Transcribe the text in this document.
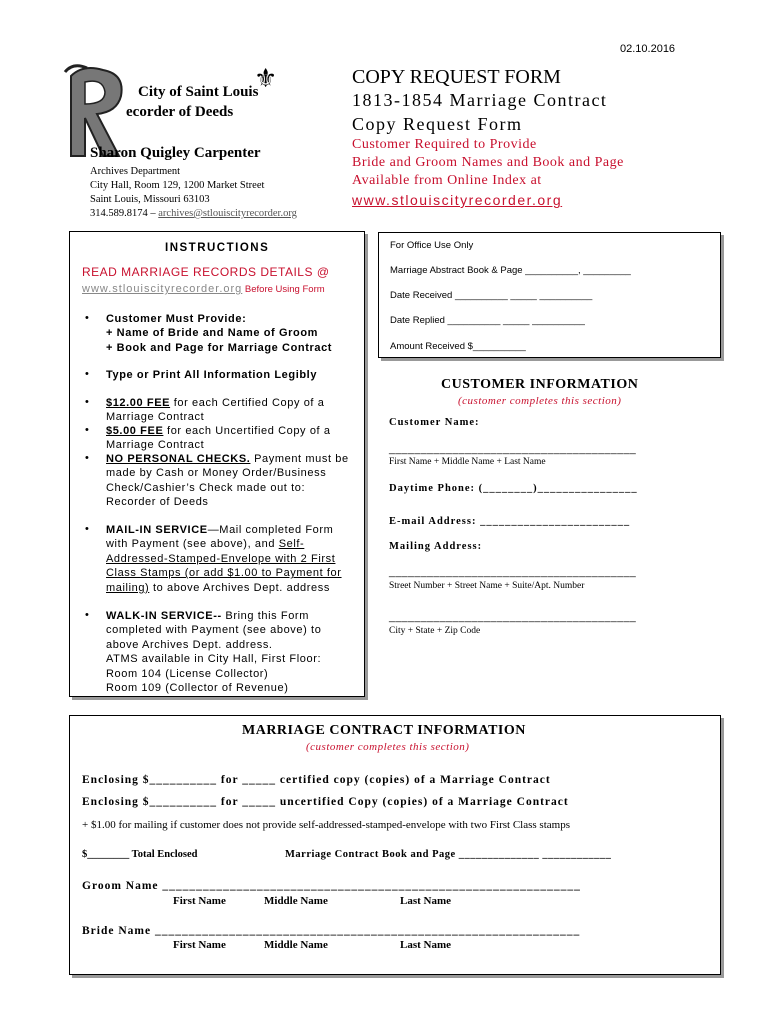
02.10.2016
City of Saint Louis
ecorder of Deeds
⚜
Sharon Quigley Carpenter
Archives Department
City Hall, Room 129, 1200 Market Street
Saint Louis, Missouri 63103
314.589.8174 – archives@stlouiscityrecorder.org
COPY REQUEST FORM
1813-1854 Marriage Contract
Copy Request Form
Customer Required to Provide
Bride and Groom Names and Book and Page
Available from Online Index at
www.stlouiscityrecorder.org
INSTRUCTIONS
READ MARRIAGE RECORDS DETAILS @
www.stlouiscityrecorder.org Before Using Form
• Customer Must Provide:
+ Name of Bride and Name of Groom
+ Book and Page for Marriage Contract
• Type or Print All Information Legibly
• $12.00 FEE for each Certified Copy of a
Marriage Contract
• $5.00 FEE for each Uncertified Copy of a
Marriage Contract
• NO PERSONAL CHECKS. Payment must be
made by Cash or Money Order/Business
Check/Cashier’s Check made out to:
Recorder of Deeds
• MAIL-IN SERVICE—Mail completed Form
with Payment (see above), and Self-
Addressed-Stamped-Envelope with 2 First
Class Stamps (or add $1.00 to Payment for
mailing) to above Archives Dept. address
• WALK-IN SERVICE-- Bring this Form
completed with Payment (see above) to
above Archives Dept. address.
ATMS available in City Hall, First Floor:
Room 104 (License Collector)
Room 109 (Collector of Revenue)
For Office Use Only
Marriage Abstract Book & Page __________, _________
Date Received __________ _____ __________
Date Replied __________ _____ __________
Amount Received $__________
CUSTOMER INFORMATION
(customer completes this section)
Customer Name:
_______________________________________
First Name + Middle Name + Last Name
Daytime Phone: (________)________________
E-mail Address: ________________________
Mailing Address:
_______________________________________
Street Number + Street Name + Suite/Apt. Number
_______________________________________
City + State + Zip Code
MARRIAGE CONTRACT INFORMATION
(customer completes this section)
Enclosing $__________ for _____ certified copy (copies) of a Marriage Contract
Enclosing $__________ for _____ uncertified Copy (copies) of a Marriage Contract
+ $1.00 for mailing if customer does not provide self-addressed-stamped-envelope with two First Class stamps
$________ Total Enclosed	Marriage Contract Book and Page ______________ ____________
Groom Name ______________________________________________________________
First Name	Middle Name	Last Name
Bride Name _______________________________________________________________
First Name	Middle Name	Last Name
